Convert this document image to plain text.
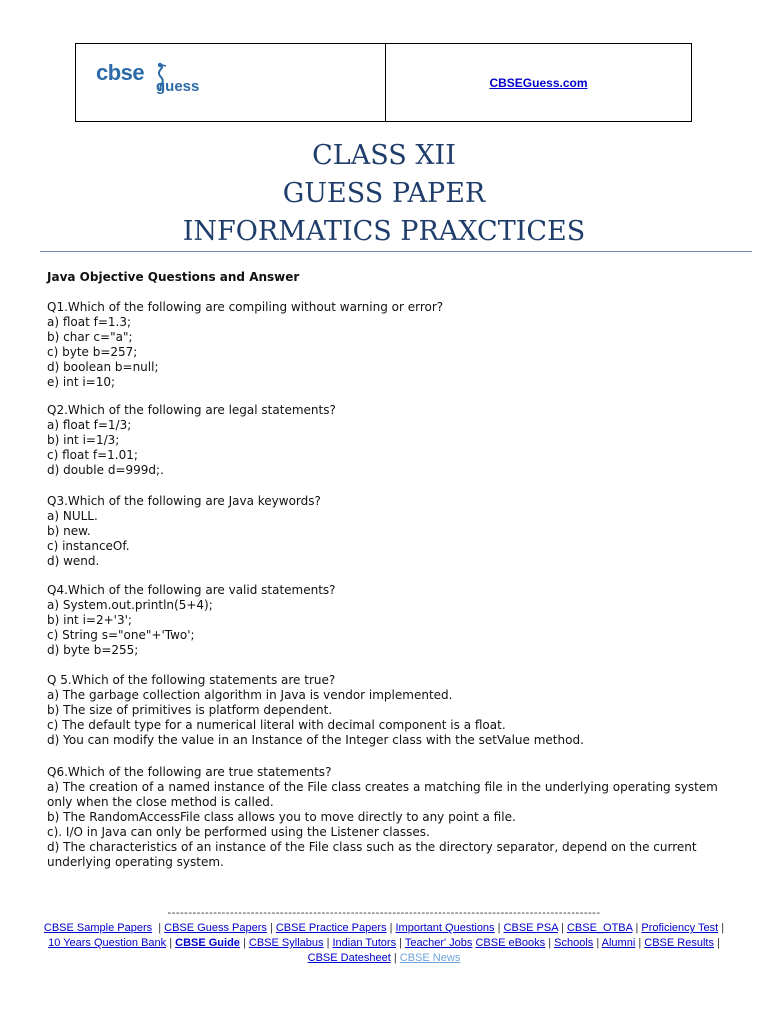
cbse
guess	CBSEGuess.com
CLASS XII
GUESS PAPER
INFORMATICS PRAXCTICES
Java Objective Questions and Answer
Q1.Which of the following are compiling without warning or error?
a) float f=1.3;
b) char c="a";
c) byte b=257;
d) boolean b=null;
e) int i=10;
Q2.Which of the following are legal statements?
a) float f=1/3;
b) int i=1/3;
c) float f=1.01;
d) double d=999d;.
Q3.Which of the following are Java keywords?
a) NULL.
b) new.
c) instanceOf.
d) wend.
Q4.Which of the following are valid statements?
a) System.out.println(5+4);
b) int i=2+'3';
c) String s="one"+'Two';
d) byte b=255;
Q 5.Which of the following statements are true?
a) The garbage collection algorithm in Java is vendor implemented.
b) The size of primitives is platform dependent.
c) The default type for a numerical literal with decimal component is a float.
d) You can modify the value in an Instance of the Integer class with the setValue method.
Q6.Which of the following are true statements?
a) The creation of a named instance of the File class creates a matching file in the underlying operating system only when the close method is called.
b) The RandomAccessFile class allows you to move directly to any point a file.
c). I/O in Java can only be performed using the Listener classes.
d) The characteristics of an instance of the File class such as the directory separator, depend on the current underlying operating system.
--------------------------------------------------------------------------------------------------------
CBSE Sample Papers  | CBSE Guess Papers | CBSE Practice Papers | Important Questions | CBSE PSA | CBSE_OTBA | Proficiency Test | 10 Years Question Bank | CBSE Guide | CBSE Syllabus | Indian Tutors | Teacher' Jobs CBSE eBooks | Schools | Alumni | CBSE Results | CBSE Datesheet | CBSE News
